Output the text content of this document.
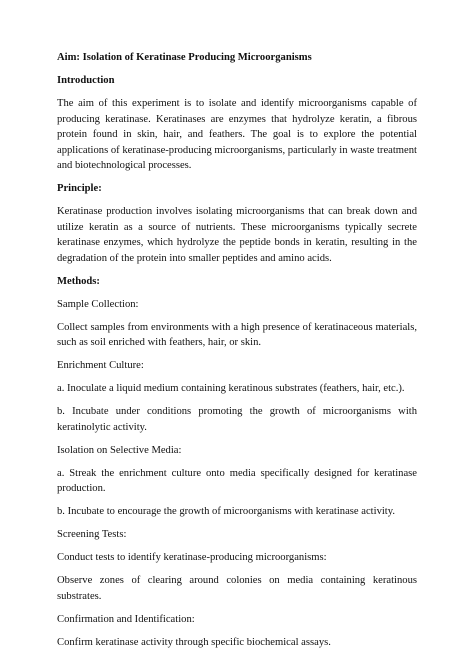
Aim: Isolation of Keratinase Producing Microorganisms

Introduction

The aim of this experiment is to isolate and identify microorganisms capable of producing keratinase. Keratinases are enzymes that hydrolyze keratin, a fibrous protein found in skin, hair, and feathers. The goal is to explore the potential applications of keratinase-producing microorganisms, particularly in waste treatment and biotechnological processes.

Principle:

Keratinase production involves isolating microorganisms that can break down and utilize keratin as a source of nutrients. These microorganisms typically secrete keratinase enzymes, which hydrolyze the peptide bonds in keratin, resulting in the degradation of the protein into smaller peptides and amino acids.

Methods:

Sample Collection:

Collect samples from environments with a high presence of keratinaceous materials, such as soil enriched with feathers, hair, or skin.

Enrichment Culture:

a. Inoculate a liquid medium containing keratinous substrates (feathers, hair, etc.).

b. Incubate under conditions promoting the growth of microorganisms with keratinolytic activity.

Isolation on Selective Media:

a. Streak the enrichment culture onto media specifically designed for keratinase production.

b. Incubate to encourage the growth of microorganisms with keratinase activity.

Screening Tests:

Conduct tests to identify keratinase-producing microorganisms:

Observe zones of clearing around colonies on media containing keratinous substrates.

Confirmation and Identification:

Confirm keratinase activity through specific biochemical assays.
